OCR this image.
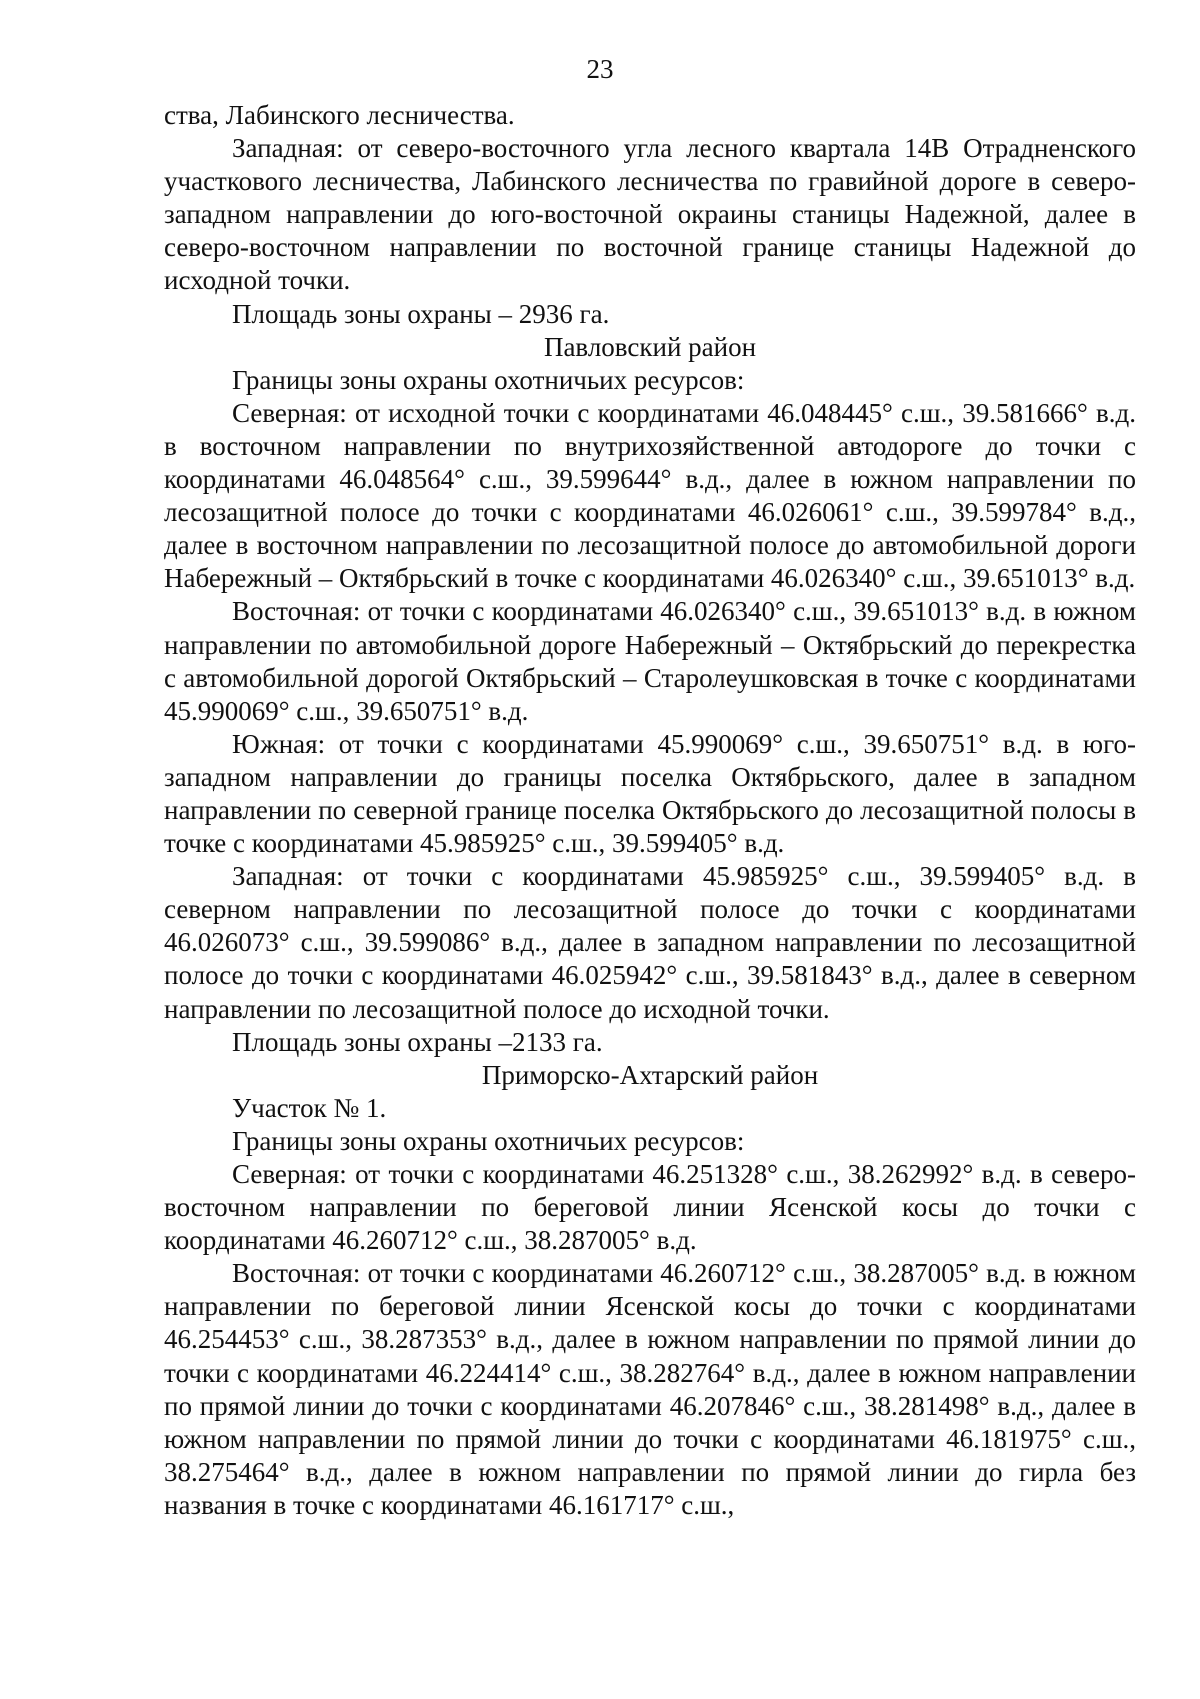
23

ства, Лабинского лесничества.

Западная: от северо-восточного угла лесного квартала 14В Отрадненского участкового лесничества, Лабинского лесничества по гравийной дороге в северо-западном направлении до юго-восточной окраины станицы Надежной, далее в северо-восточном направлении по восточной границе станицы Надежной до исходной точки.

Площадь зоны охраны – 2936 га.

Павловский район

Границы зоны охраны охотничьих ресурсов:

Северная: от исходной точки с координатами 46.048445° с.ш., 39.581666° в.д. в восточном направлении по внутрихозяйственной автодороге до точки с координатами 46.048564° с.ш., 39.599644° в.д., далее в южном направлении по лесозащитной полосе до точки с координатами 46.026061° с.ш., 39.599784° в.д., далее в восточном направлении по лесозащитной полосе до автомобильной дороги Набережный – Октябрьский в точке с координатами 46.026340° с.ш., 39.651013° в.д.

Восточная: от точки с координатами 46.026340° с.ш., 39.651013° в.д. в южном направлении по автомобильной дороге Набережный – Октябрьский до перекрестка с автомобильной дорогой Октябрьский – Старолеушковская в точке с координатами 45.990069° с.ш., 39.650751° в.д.

Южная: от точки с координатами 45.990069° с.ш., 39.650751° в.д. в юго-западном направлении до границы поселка Октябрьского, далее в западном направлении по северной границе поселка Октябрьского до лесозащитной полосы в точке с координатами 45.985925° с.ш., 39.599405° в.д.

Западная: от точки с координатами 45.985925° с.ш., 39.599405° в.д. в северном направлении по лесозащитной полосе до точки с координатами 46.026073° с.ш., 39.599086° в.д., далее в западном направлении по лесозащитной полосе до точки с координатами 46.025942° с.ш., 39.581843° в.д., далее в северном направлении по лесозащитной полосе до исходной точки.

Площадь зоны охраны –2133 га.

Приморско-Ахтарский район

Участок № 1.

Границы зоны охраны охотничьих ресурсов:

Северная: от точки с координатами 46.251328° с.ш., 38.262992° в.д. в северо-восточном направлении по береговой линии Ясенской косы до точки с координатами 46.260712° с.ш., 38.287005° в.д.

Восточная: от точки с координатами 46.260712° с.ш., 38.287005° в.д. в южном направлении по береговой линии Ясенской косы до точки с координатами 46.254453° с.ш., 38.287353° в.д., далее в южном направлении по прямой линии до точки с координатами 46.224414° с.ш., 38.282764° в.д., далее в южном направлении по прямой линии до точки с координатами 46.207846° с.ш., 38.281498° в.д., далее в южном направлении по прямой линии до точки с координатами 46.181975° с.ш., 38.275464° в.д., далее в южном направлении по прямой линии до гирла без названия в точке с координатами 46.161717° с.ш.,
